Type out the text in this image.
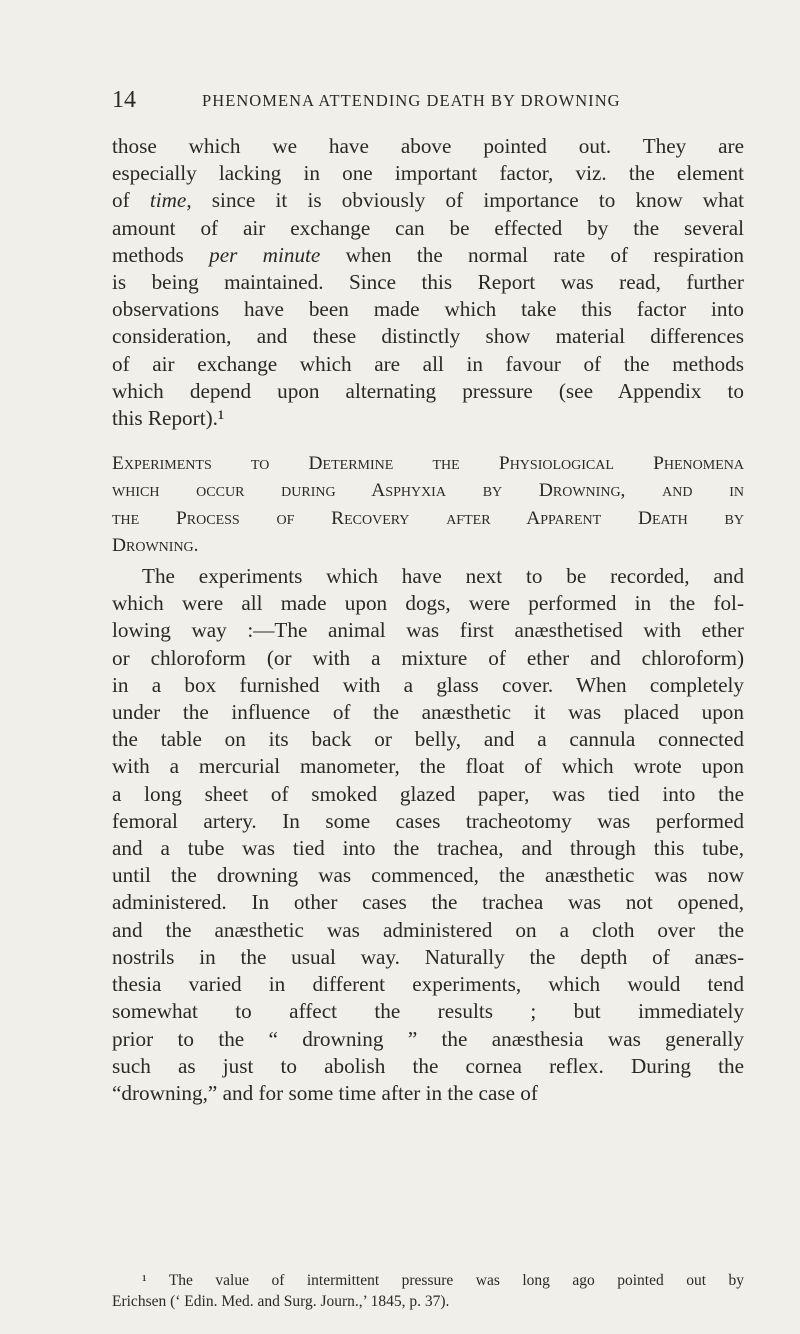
14	PHENOMENA ATTENDING DEATH BY DROWNING

those which we have above pointed out. They are
especially lacking in one important factor, viz. the element
of time, since it is obviously of importance to know what
amount of air exchange can be effected by the several
methods per minute when the normal rate of respiration
is being maintained. Since this Report was read, further
observations have been made which take this factor into
consideration, and these distinctly show material differences
of air exchange which are all in favour of the methods
which depend upon alternating pressure (see Appendix to
this Report).¹

Experiments to Determine the Physiological Phenomena
which occur during Asphyxia by Drowning, and in
the Process of Recovery after Apparent Death by
Drowning.

The experiments which have next to be recorded, and
which were all made upon dogs, were performed in the fol-
lowing way :—The animal was first anæsthetised with ether
or chloroform (or with a mixture of ether and chloroform)
in a box furnished with a glass cover. When completely
under the influence of the anæsthetic it was placed upon
the table on its back or belly, and a cannula connected
with a mercurial manometer, the float of which wrote upon
a long sheet of smoked glazed paper, was tied into the
femoral artery. In some cases tracheotomy was performed
and a tube was tied into the trachea, and through this tube,
until the drowning was commenced, the anæsthetic was now
administered. In other cases the trachea was not opened,
and the anæsthetic was administered on a cloth over the
nostrils in the usual way. Naturally the depth of anæs-
thesia varied in different experiments, which would tend
somewhat to affect the results ; but immediately
prior to the “ drowning ” the anæsthesia was generally
such as just to abolish the cornea reflex. During the
“drowning,” and for some time after in the case of

¹ The value of intermittent pressure was long ago pointed out by
Erichsen (‘ Edin. Med. and Surg. Journ.,’ 1845, p. 37).
